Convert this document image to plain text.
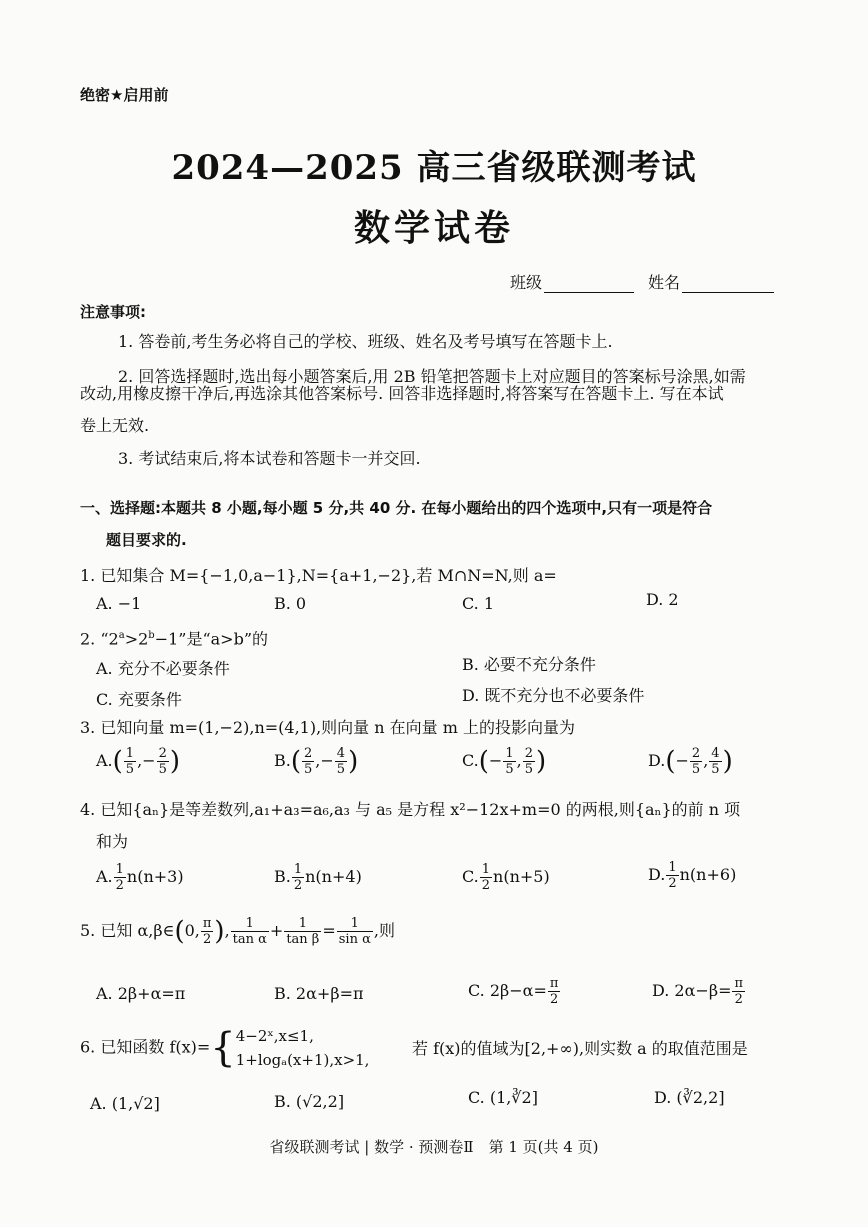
绝密★启用前
2024—2025 高三省级联测考试
数学试卷
班级	姓名
注意事项:
1. 答卷前,考生务必将自己的学校、班级、姓名及考号填写在答题卡上.
2. 回答选择题时,选出每小题答案后,用 2B 铅笔把答题卡上对应题目的答案标号涂黑,如需
改动,用橡皮擦干净后,再选涂其他答案标号. 回答非选择题时,将答案写在答题卡上. 写在本试
卷上无效.
3. 考试结束后,将本试卷和答题卡一并交回.
一、选择题:本题共 8 小题,每小题 5 分,共 40 分. 在每小题给出的四个选项中,只有一项是符合
题目要求的.
1. 已知集合 M={−1,0,a−1},N={a+1,−2},若 M∩N=N,则 a=
A. −1	B. 0	C. 1	D. 2
2. “$2^a>2^b-1$”是“a>b”的
A. 充分不必要条件	B. 必要不充分条件
C. 充要条件	D. 既不充分也不必要条件
3. 已知向量 m=(1,−2),n=(4,1),则向量 n 在向量 m 上的投影向量为
$A.( \frac{1}{5}$ ,− $\frac{2}{5}$ )	$B.( \frac{2}{5}$ ,− $\frac{4}{5}$ )	$C.(- \frac{1}{5}$ , $\frac{2}{5}$ )	$D.(- \frac{2}{5}$ , $\frac{4}{5}$ )
4. 已知{aₙ}是等差数列,a₁+a₃=a₆,a₃ 与 a₅ 是方程 x²−12x+m=0 的两根,则{aₙ}的前 n 项
和为
A. $\frac{1}{2} n(n+3)$	B. $\frac{1}{2} n(n+4)$	C. $\frac{1}{2} n(n+5)$	D. $\frac{1}{2} n(n+6)$
5. 已知 α,β∈(0, $\frac{\pi}{2}$ ), $\frac{1}{\text{tan α}} + \frac{1}{\text{tan β}} = \frac{1}{\text{sin α}}$ ,则
A. 2β+α=π	B. 2α+β=π	C. $2\beta-\alpha= \frac{\pi}{2}$	D. $2\alpha-\beta= \frac{\pi}{2}$
6. 已知函数 f(x)={ 4−2ˣ,x≤1,
1+logₐ(x+1),x>1,
若 f(x)的值域为[2,+∞),则实数 a 的取值范围是
A. (1,√2]	B. (√2,2]	C. (1,∛2]	D. (∛2,2]
省级联测考试 | 数学 · 预测卷Ⅱ　第 1 页(共 4 页)
